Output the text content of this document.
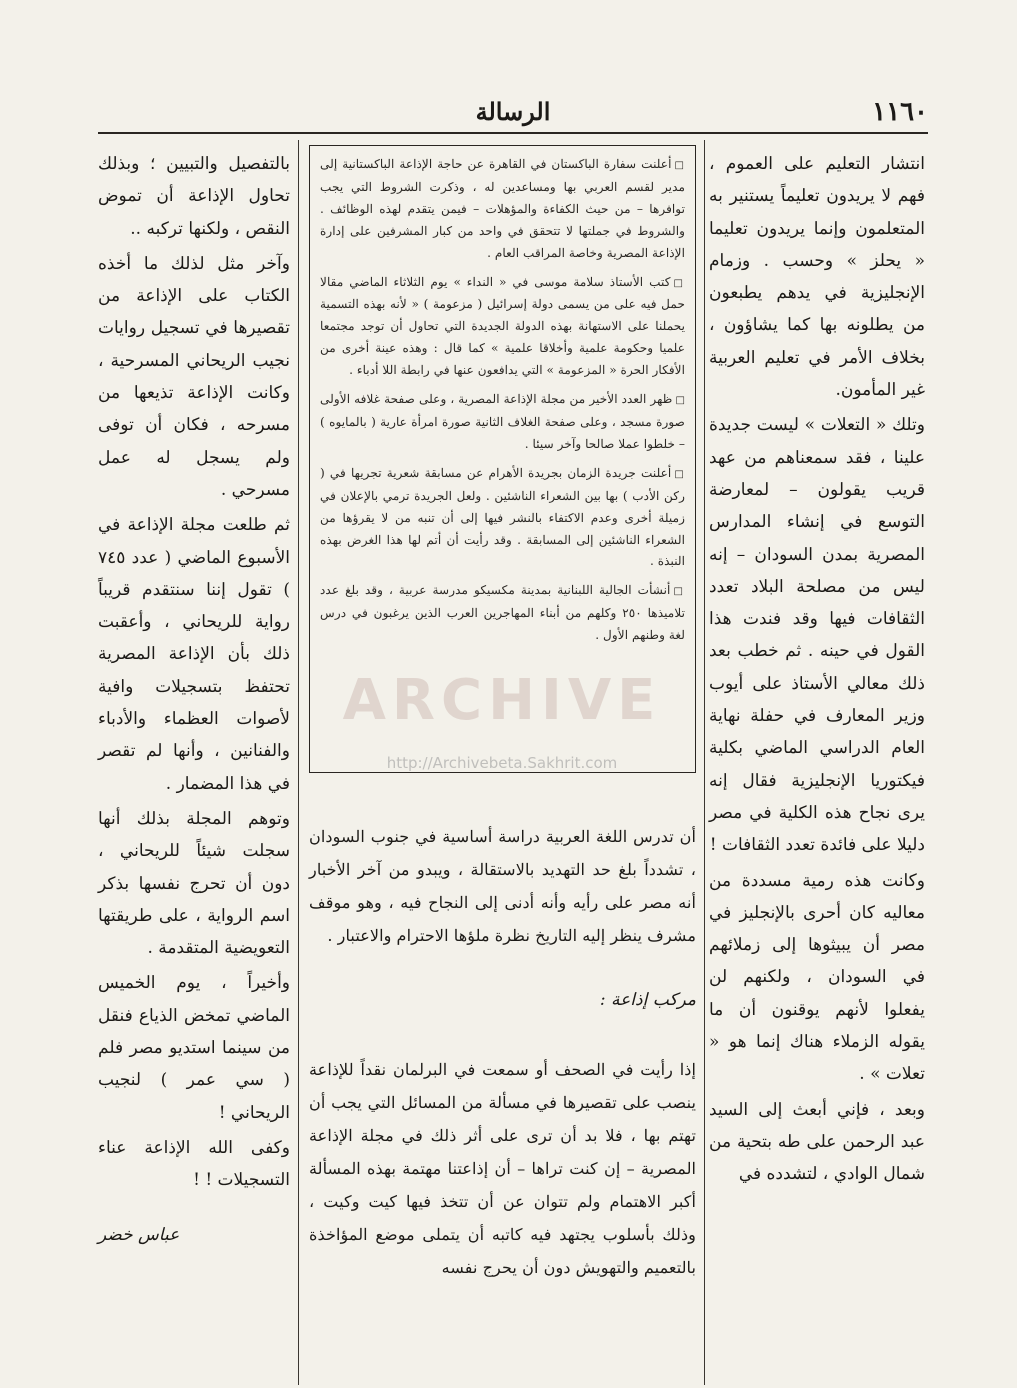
١١٦٠
الرسالة

انتشار التعليم على العموم ، فهم لا يريدون تعليماً يستنير به المتعلمون وإنما يريدون تعليما « يحلز » وحسب . وزمام الإنجليزية في يدهم يطبعون من يطلونه بها كما يشاؤون ، بخلاف الأمر في تعليم العربية غير المأمون.

وتلك « التعلات » ليست جديدة علينا ، فقد سمعناهم من عهد قريب يقولون – لمعارضة التوسع في إنشاء المدارس المصرية بمدن السودان – إنه ليس من مصلحة البلاد تعدد الثقافات فيها وقد فندت هذا القول في حينه . ثم خطب بعد ذلك معالي الأستاذ على أيوب وزير المعارف في حفلة نهاية العام الدراسي الماضي بكلية فيكتوريا الإنجليزية فقال إنه يرى نجاح هذه الكلية في مصر دليلا على فائدة تعدد الثقافات !

وكانت هذه رمية مسددة من معاليه كان أحرى بالإنجليز في مصر أن يبيثوها إلى زملائهم في السودان ، ولكنهم لن يفعلوا لأنهم يوقنون أن ما يقوله الزملاء هناك إنما هو « تعلات » .

وبعد ، فإني أبعث إلى السيد عبد الرحمن على طه بتحية من شمال الوادي ، لتشدده في

□أعلنت سفارة الباكستان في القاهرة عن حاجة الإذاعة الباكستانية إلى مدير لقسم العربي بها ومساعدين له ، وذكرت الشروط التي يجب توافرها – من حيث الكفاءة والمؤهلات – فيمن يتقدم لهذه الوظائف . والشروط في جملتها لا تتحقق في واحد من كبار المشرفين على إدارة الإذاعة المصرية وخاصة المراقب العام .

□كتب الأستاذ سلامة موسى في « النداء » يوم الثلاثاء الماضي مقالا حمل فيه على من يسمى دولة إسرائيل ( مزعومة ) « لأنه بهذه التسمية يحملنا على الاستهانة بهذه الدولة الجديدة التي تحاول أن توجد مجتمعا علميا وحكومة علمية وأخلاقا علمية » كما قال : وهذه عينة أخرى من الأفكار الحرة « المزعومة » التي يدافعون عنها في رابطة اللا أدباء .

□ظهر العدد الأخير من مجلة الإذاعة المصرية ، وعلى صفحة غلافه الأولى صورة مسجد ، وعلى صفحة الغلاف الثانية صورة امرأة عارية ( بالمايوه ) – خلطوا عملا صالحا وآخر سيئا .

□أعلنت جريدة الزمان بجريدة الأهرام عن مسابقة شعرية تجريها في ( ركن الأدب ) بها بين الشعراء الناشئين . ولعل الجريدة ترمي بالإعلان في زميلة أخرى وعدم الاكتفاء بالنشر فيها إلى أن تنبه من لا يقرؤها من الشعراء الناشئين إلى المسابقة . وقد رأيت أن أتم لها هذا الغرض بهذه النبذة .

□أنشأت الجالية اللبنانية بمدينة مكسيكو مدرسة عربية ، وقد بلغ عدد تلاميذها ٢٥٠ وكلهم من أبناء المهاجرين العرب الذين يرغبون في درس لغة وطنهم الأول .

ARCHIVE
http://Archivebeta.Sakhrit.com

أن تدرس اللغة العربية دراسة أساسية في جنوب السودان ، تشدداً بلغ حد التهديد بالاستقالة ، ويبدو من آخر الأخبار أنه مصر على رأيه وأنه أدنى إلى النجاح فيه ، وهو موقف مشرف ينظر إليه التاريخ نظرة ملؤها الاحترام والاعتبار .

مركب إذاعة :

إذا رأيت في الصحف أو سمعت في البرلمان نقداً للإذاعة ينصب على تقصيرها في مسألة من المسائل التي يجب أن تهتم بها ، فلا بد أن ترى على أثر ذلك في مجلة الإذاعة المصرية – إن كنت تراها – أن إذاعتنا مهتمة بهذه المسألة أكبر الاهتمام ولم تتوان عن أن تتخذ فيها كيت وكيت ، وذلك بأسلوب يجتهد فيه كاتبه أن يتملى موضع المؤاخذة بالتعميم والتهويش دون أن يحرج نفسه

بالتفصيل والتبيين ؛ وبذلك تحاول الإذاعة أن تموض النقص ، ولكنها تركبه ..

وآخر مثل لذلك ما أخذه الكتاب على الإذاعة من تقصيرها في تسجيل روايات نجيب الريحاني المسرحية ، وكانت الإذاعة تذيعها من مسرحه ، فكان أن توفى ولم يسجل له عمل مسرحي .

ثم طلعت مجلة الإذاعة في الأسبوع الماضي ( عدد ٧٤٥ ) تقول إننا سنتقدم قريباً رواية للريحاني ، وأعقبت ذلك بأن الإذاعة المصرية تحتفظ بتسجيلات وافية لأصوات العظماء والأدباء والفنانين ، وأنها لم تقصر في هذا المضمار .

وتوهم المجلة بذلك أنها سجلت شيئاً للريحاني ، دون أن تحرج نفسها بذكر اسم الرواية ، على طريقتها التعويضية المتقدمة .

وأخيراً ، يوم الخميس الماضي تمخض الذياع فنقل من سينما استديو مصر فلم ( سي عمر ) لنجيب الريحاني !

وكفى الله الإذاعة عناء التسجيلات ! !

عباس خضر
